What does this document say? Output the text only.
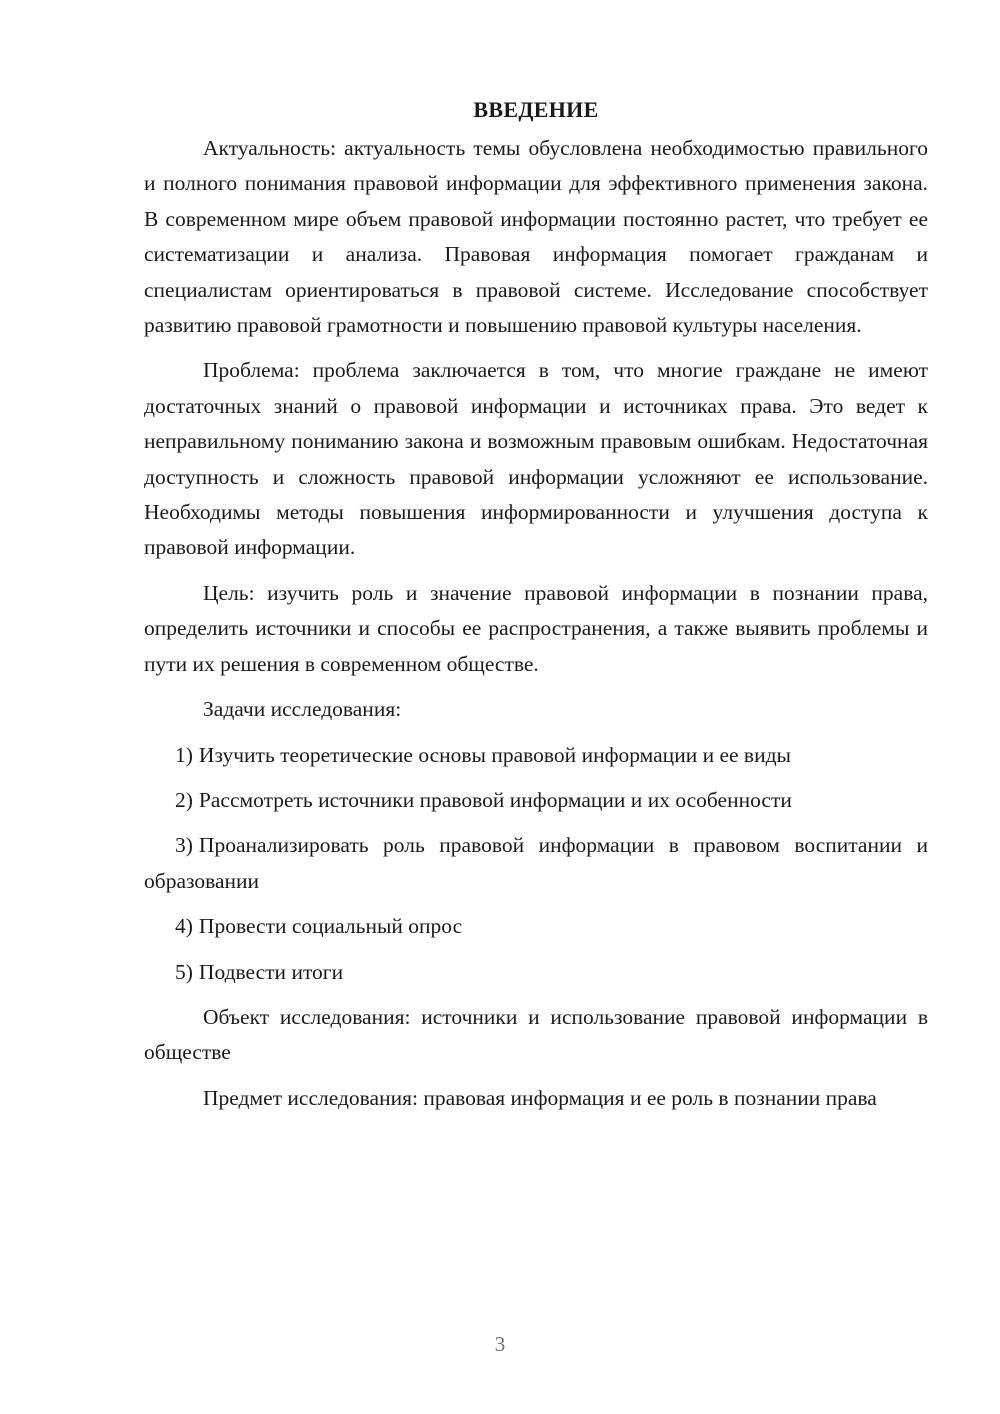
ВВЕДЕНИЕ

Актуальность: актуальность темы обусловлена необходимостью правильного и полного понимания правовой информации для эффективного применения закона. В современном мире объем правовой информации постоянно растет, что требует ее систематизации и анализа. Правовая информация помогает гражданам и специалистам ориентироваться в правовой системе. Исследование способствует развитию правовой грамотности и повышению правовой культуры населения.

Проблема: проблема заключается в том, что многие граждане не имеют достаточных знаний о правовой информации и источниках права. Это ведет к неправильному пониманию закона и возможным правовым ошибкам. Недостаточная доступность и сложность правовой информации усложняют ее использование. Необходимы методы повышения информированности и улучшения доступа к правовой информации.

Цель: изучить роль и значение правовой информации в познании права, определить источники и способы ее распространения, а также выявить проблемы и пути их решения в современном обществе.

Задачи исследования:

1) Изучить теоретические основы правовой информации и ее виды

2) Рассмотреть источники правовой информации и их особенности

3) Проанализировать роль правовой информации в правовом воспитании и образовании

4) Провести социальный опрос

5) Подвести итоги

Объект исследования: источники и использование правовой информации в обществе

Предмет исследования: правовая информация и ее роль в познании права

3
